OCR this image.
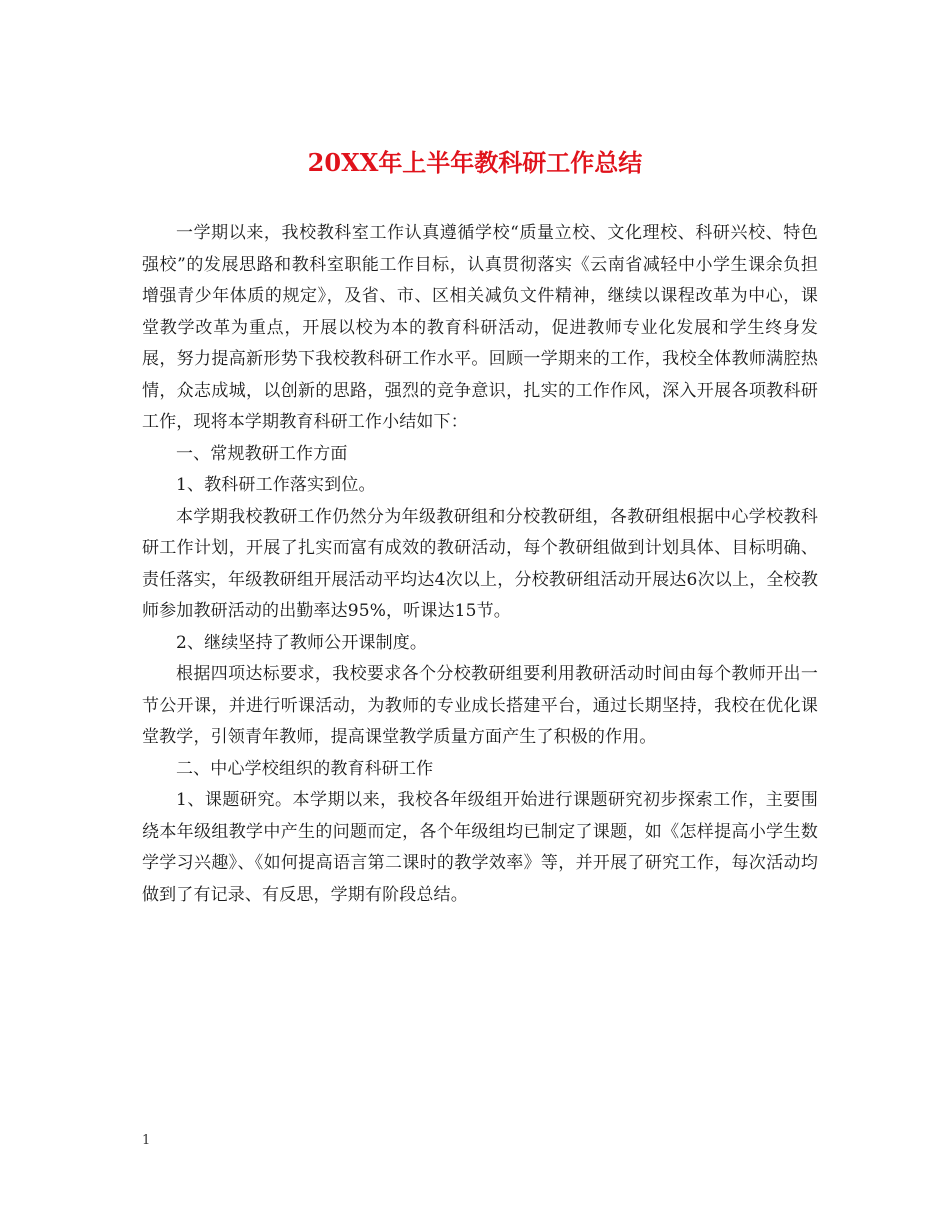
20XX年上半年教科研工作总结

一学期以来，我校教科室工作认真遵循学校“质量立校、文化理校、科研兴校、特色强校”的发展思路和教科室职能工作目标，认真贯彻落实《云南省减轻中小学生课余负担　　增强青少年体质的规定》，及省、市、区相关减负文件精神，继续以课程改革为中心，课堂教学改革为重点，开展以校为本的教育科研活动，促进教师专业化发展和学生终身发展，努力提高新形势下我校教科研工作水平。回顾一学期来的工作，我校全体教师满腔热情，众志成城，以创新的思路，强烈的竞争意识，扎实的工作作风，深入开展各项教科研工作，现将本学期教育科研工作小结如下：

一、常规教研工作方面

1、教科研工作落实到位。

本学期我校教研工作仍然分为年级教研组和分校教研组，各教研组根据中心学校教科研工作计划，开展了扎实而富有成效的教研活动，每个教研组做到计划具体、目标明确、责任落实，年级教研组开展活动平均达4次以上，分校教研组活动开展达6次以上，全校教师参加教研活动的出勤率达95%，听课达15节。

2、继续坚持了教师公开课制度。

根据四项达标要求，我校要求各个分校教研组要利用教研活动时间由每个教师开出一节公开课，并进行听课活动，为教师的专业成长搭建平台，通过长期坚持，我校在优化课堂教学，引领青年教师，提高课堂教学质量方面产生了积极的作用。

二、中心学校组织的教育科研工作

1、课题研究。本学期以来，我校各年级组开始进行课题研究初步探索工作，主要围绕本年级组教学中产生的问题而定，各个年级组均已制定了课题，如《怎样提高小学生数学学习兴趣》、《如何提高语言第二课时的教学效率》等，并开展了研究工作，每次活动均做到了有记录、有反思，学期有阶段总结。

1
